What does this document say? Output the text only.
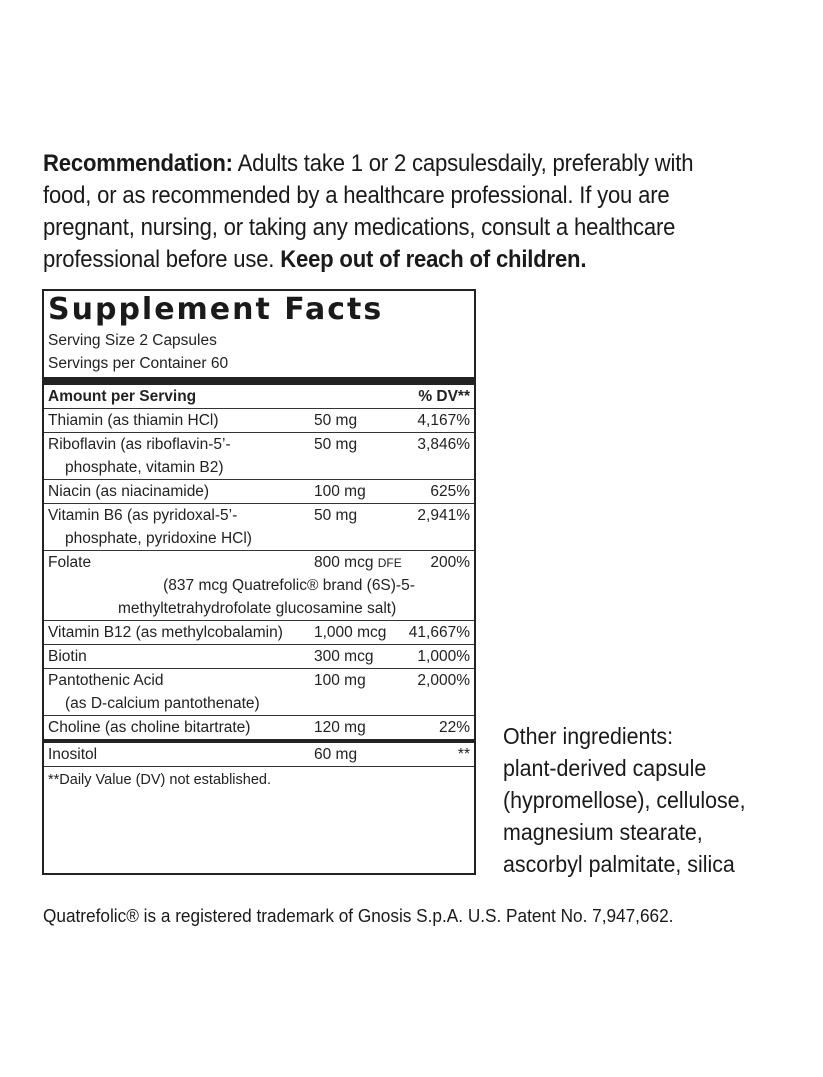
Recommendation: Adults take 1 or 2 capsulesdaily, preferably with food, or as recommended by a healthcare professional. If you are pregnant, nursing, or taking any medications, consult a healthcare professional before use. Keep out of reach of children.
Supplement Facts
Serving Size 2 Capsules
Servings per Container 60
Amount per Serving	% DV**
Thiamin (as thiamin HCl)	50 mg	4,167%
Riboflavin (as riboflavin-5’-
phosphate, vitamin B2)
50 mg	3,846%
Niacin (as niacinamide)	100 mg	625%
Vitamin B6 (as pyridoxal-5’-
phosphate, pyridoxine HCl)
50 mg	2,941%
Folate
(837 mcg Quatrefolic® brand (6S)-5-
methyltetrahydrofolate glucosamine salt)
800 mcg DFE 200%
Vitamin B12 (as methylcobalamin)	1,000 mcg 41,667%
Biotin	300 mcg	1,000%
Pantothenic Acid
(as D-calcium pantothenate)
100 mg	2,000%
Choline (as choline bitartrate)	120 mg	22%
Inositol	60 mg	**
**Daily Value (DV) not established.
Other ingredients:
plant-derived capsule
(hypromellose), cellulose,
magnesium stearate,
ascorbyl palmitate, silica
Quatrefolic® is a registered trademark of Gnosis S.p.A. U.S. Patent No. 7,947,662.
